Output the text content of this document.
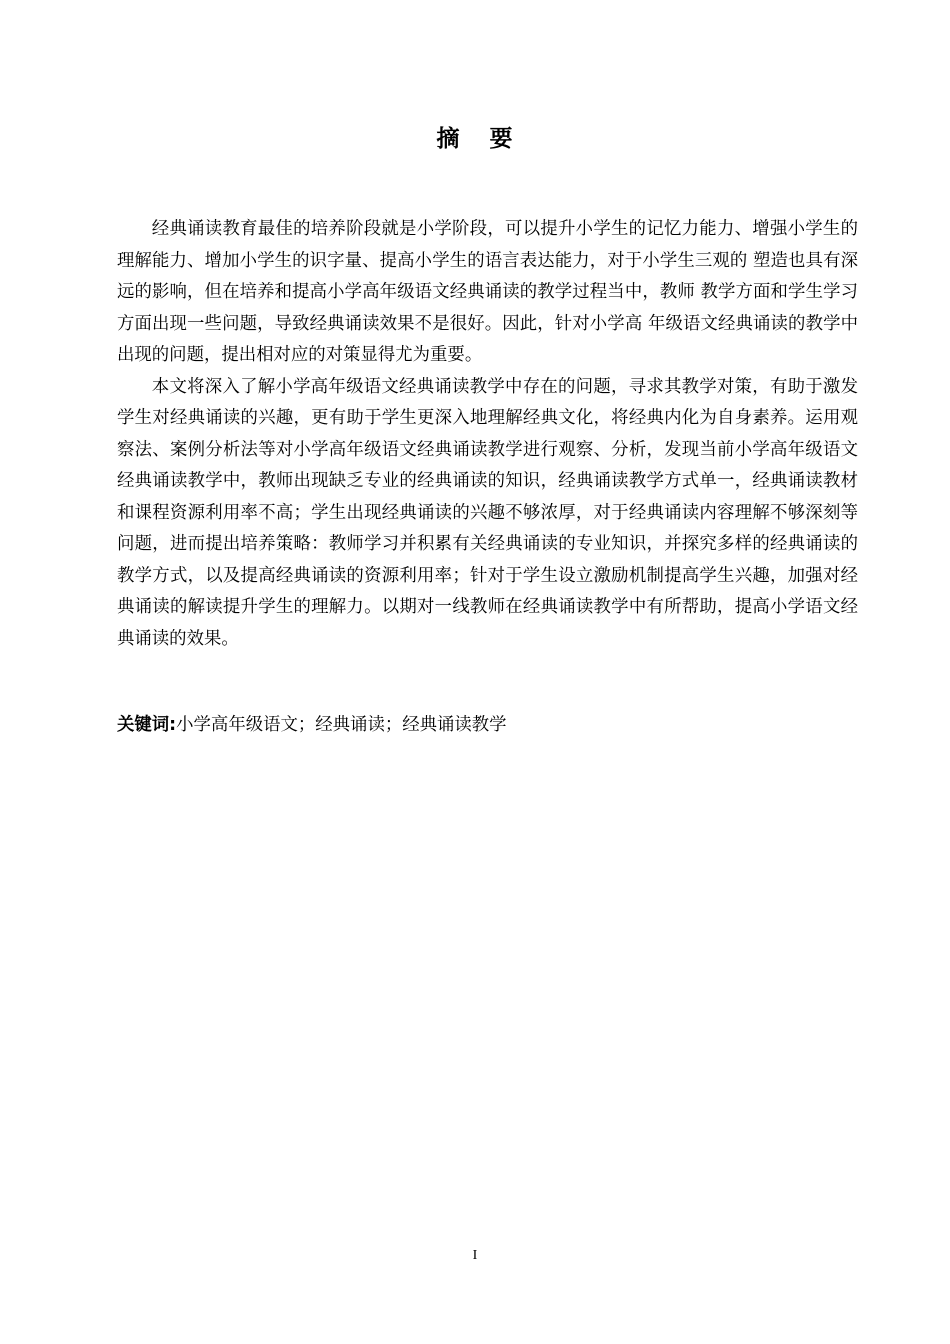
摘 要

经典诵读教育最佳的培养阶段就是小学阶段，可以提升小学生的记忆力能力、增强小学生的理解能力、增加小学生的识字量、提高小学生的语言表达能力，对于小学生三观的 塑造也具有深远的影响，但在培养和提高小学高年级语文经典诵读的教学过程当中，教师 教学方面和学生学习方面出现一些问题，导致经典诵读效果不是很好。因此，针对小学高 年级语文经典诵读的教学中出现的问题，提出相对应的对策显得尤为重要。

本文将深入了解小学高年级语文经典诵读教学中存在的问题，寻求其教学对策，有助于激发学生对经典诵读的兴趣，更有助于学生更深入地理解经典文化，将经典内化为自身素养。运用观察法、案例分析法等对小学高年级语文经典诵读教学进行观察、分析，发现当前小学高年级语文经典诵读教学中，教师出现缺乏专业的经典诵读的知识，经典诵读教学方式单一，经典诵读教材和课程资源利用率不高；学生出现经典诵读的兴趣不够浓厚，对于经典诵读内容理解不够深刻等问题，进而提出培养策略：教师学习并积累有关经典诵读的专业知识，并探究多样的经典诵读的教学方式，以及提高经典诵读的资源利用率；针对于学生设立激励机制提高学生兴趣，加强对经典诵读的解读提升学生的理解力。以期对一线教师在经典诵读教学中有所帮助，提高小学语文经典诵读的效果。

关键词:小学高年级语文；经典诵读；经典诵读教学
I
